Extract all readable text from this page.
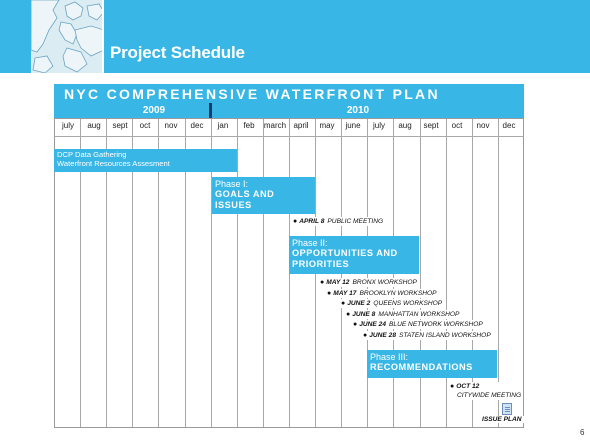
Project Schedule
NYC COMPREHENSIVE WATERFRONT PLAN
2009	2010
july	aug	sept	oct	nov	dec	jan	feb	march april	may	june	july	aug	sept	oct	nov	dec
DCP Data Gathering
Waterfront Resources Assesment
Phase I:
GOALS AND
ISSUES
● APRIL 8 PUBLIC MEETING
Phase II:
OPPORTUNITIES AND
PRIORITIES
● MAY 12 BRONX WORKSHOP
● MAY 17 BROOKLYN WORKSHOP
● JUNE 2 QUEENS WORKSHOP
● JUNE 8 MANHATTAN WORKSHOP
● JUNE 24 BLUE NETWORK WORKSHOP
● JUNE 28 STATEN ISLAND WORKSHOP
Phase III:
RECOMMENDATIONS
● OCT 12
CITYWIDE MEETING
ISSUE PLAN
6
